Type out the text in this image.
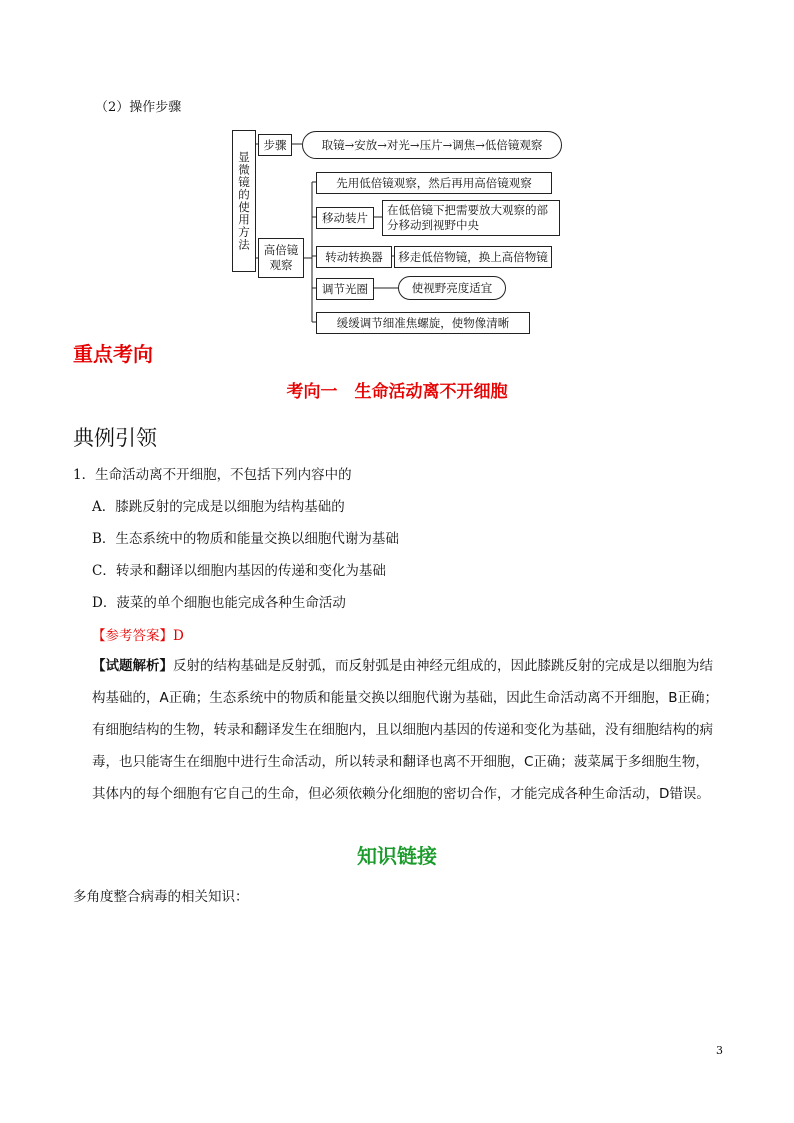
（2）操作步骤
显微镜的使用方法
步骤	取镜→安放→对光→压片→调焦→低倍镜观察
高倍镜观察
先用低倍镜观察，然后再用高倍镜观察
移动装片
在低倍镜下把需要放大观察的部分移动到视野中央
转动转换器	移走低倍物镜，换上高倍物镜
调节光圈	使视野亮度适宜
缓缓调节细准焦螺旋，使物像清晰
重点考向
考向一　生命活动离不开细胞
典例引领
1．生命活动离不开细胞，不包括下列内容中的
A．膝跳反射的完成是以细胞为结构基础的
B．生态系统中的物质和能量交换以细胞代谢为基础
C．转录和翻译以细胞内基因的传递和变化为基础
D．菠菜的单个细胞也能完成各种生命活动
【参考答案】D
【试题解析】反射的结构基础是反射弧，而反射弧是由神经元组成的，因此膝跳反射的完成是以细胞为结构基础的，A正确；生态系统中的物质和能量交换以细胞代谢为基础，因此生命活动离不开细胞，B正确；有细胞结构的生物，转录和翻译发生在细胞内，且以细胞内基因的传递和变化为基础，没有细胞结构的病毒，也只能寄生在细胞中进行生命活动，所以转录和翻译也离不开细胞，C正确；菠菜属于多细胞生物，其体内的每个细胞有它自己的生命，但必须依赖分化细胞的密切合作，才能完成各种生命活动，D错误。
知识链接
多角度整合病毒的相关知识：
3
